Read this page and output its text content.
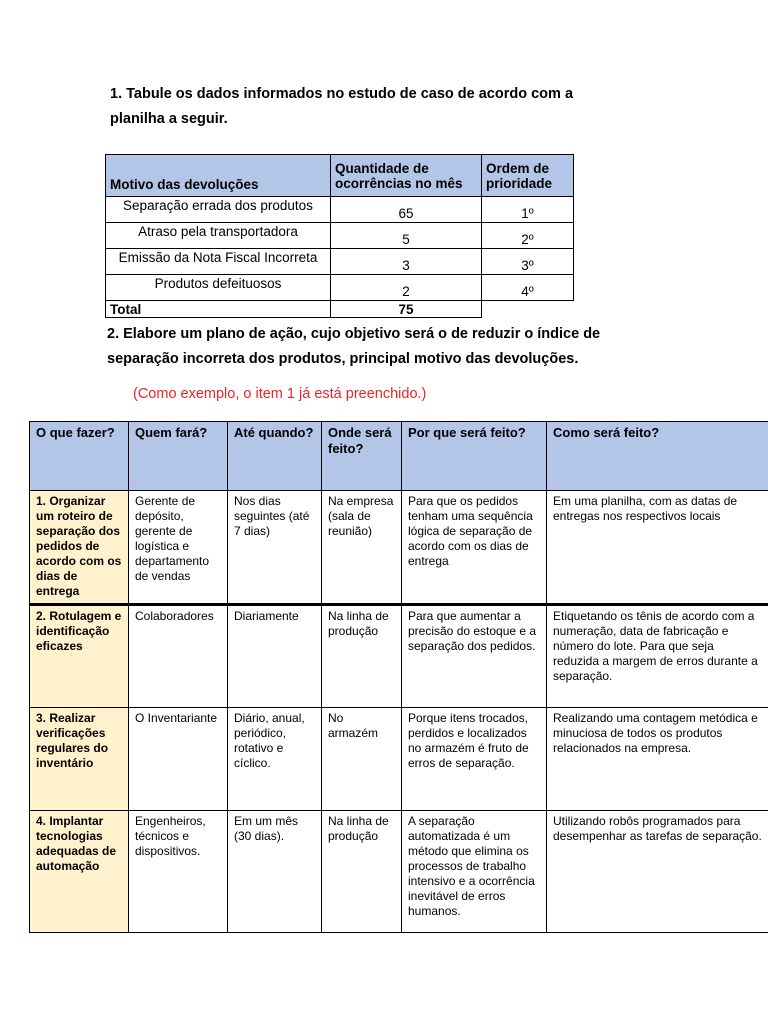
1. Tabule os dados informados no estudo de caso de acordo com a
planilha a seguir.

Motivo das devoluções	Quantidade de ocorrências no mês	Ordem de prioridade
Separação errada dos produtos	65	1º
Atraso pela transportadora	5	2º
Emissão da Nota Fiscal Incorreta	3	3º
Produtos defeituosos	2	4º
Total	75	

2. Elabore um plano de ação, cujo objetivo será o de reduzir o índice de
separação incorreta dos produtos, principal motivo das devoluções.

(Como exemplo, o item 1 já está preenchido.)

O que fazer?	Quem fará?	Até quando?	Onde será feito?	Por que será feito?	Como será feito?
1. Organizar um roteiro de separação dos pedidos de acordo com os dias de entrega	Gerente de depósito, gerente de logística e departamento de vendas	Nos dias seguintes (até 7 dias)	Na empresa (sala de reunião)	Para que os pedidos tenham uma sequência lógica de separação de acordo com os dias de entrega	Em uma planilha, com as datas de entregas nos respectivos locais
2. Rotulagem e identificação eficazes	Colaboradores	Diariamente	Na linha de produção	Para que aumentar a precisão do estoque e a separação dos pedidos.	Etiquetando os tênis de acordo com a numeração, data de fabricação e número do lote. Para que seja reduzida a margem de erros durante a separação.
3. Realizar verificações regulares do inventário	O Inventariante	Diário, anual, periódico, rotativo e cíclico.	No armazém	Porque itens trocados, perdidos e localizados no armazém é fruto de erros de separação.	Realizando uma contagem metódica e minuciosa de todos os produtos relacionados na empresa.
4. Implantar tecnologias adequadas de automação	Engenheiros, técnicos e dispositivos.	Em um mês (30 dias).	Na linha de produção	A separação automatizada é um método que elimina os processos de trabalho intensivo e a ocorrência inevitável de erros humanos.	Utilizando robôs programados para desempenhar as tarefas de separação.
